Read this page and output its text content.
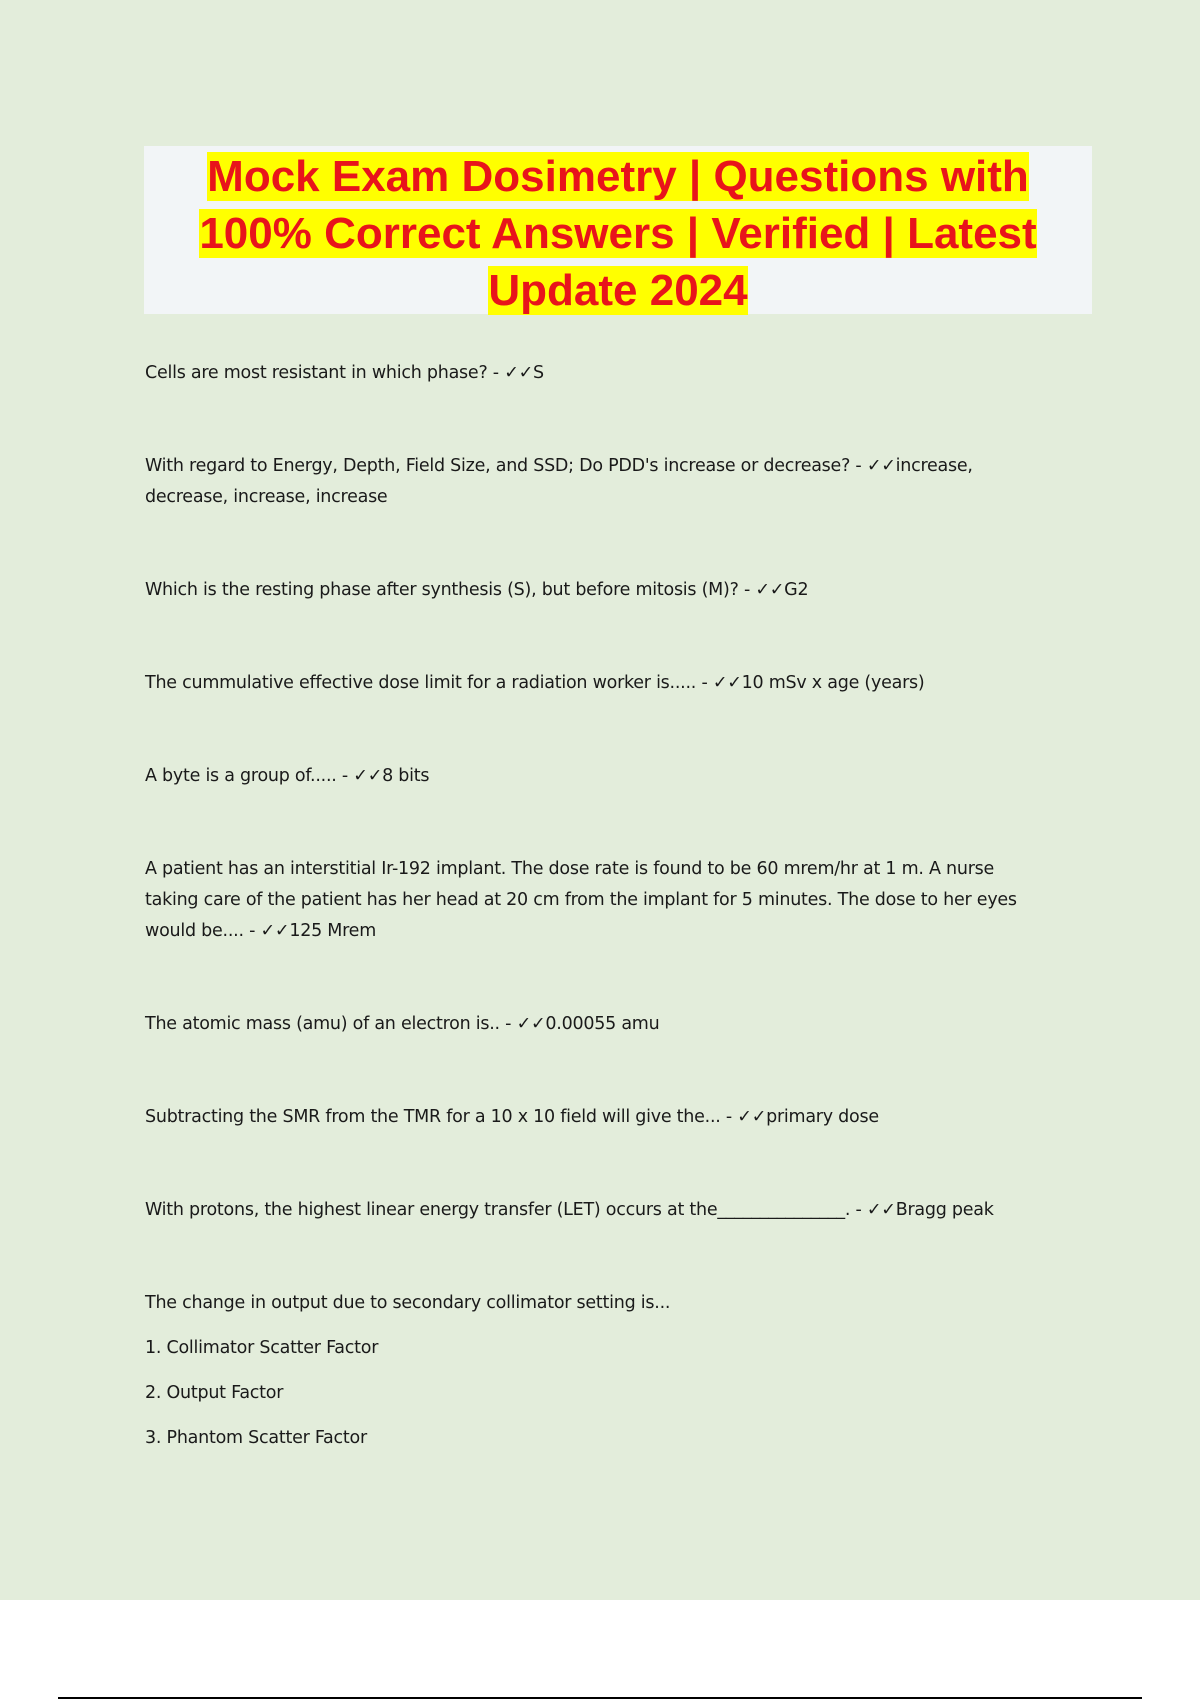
Mock Exam Dosimetry | Questions with
100% Correct Answers | Verified | Latest
Update 2024

Cells are most resistant in which phase? - ✓✓S

With regard to Energy, Depth, Field Size, and SSD; Do PDD's increase or decrease? - ✓✓increase,
decrease, increase, increase

Which is the resting phase after synthesis (S), but before mitosis (M)? - ✓✓G2

The cummulative effective dose limit for a radiation worker is..... - ✓✓10 mSv x age (years)

A byte is a group of..... - ✓✓8 bits

A patient has an interstitial Ir-192 implant. The dose rate is found to be 60 mrem/hr at 1 m. A nurse
taking care of the patient has her head at 20 cm from the implant for 5 minutes. The dose to her eyes
would be.... - ✓✓125 Mrem

The atomic mass (amu) of an electron is.. - ✓✓0.00055 amu

Subtracting the SMR from the TMR for a 10 x 10 field will give the... - ✓✓primary dose

With protons, the highest linear energy transfer (LET) occurs at the_______________. - ✓✓Bragg peak

The change in output due to secondary collimator setting is...

1. Collimator Scatter Factor

2. Output Factor

3. Phantom Scatter Factor
